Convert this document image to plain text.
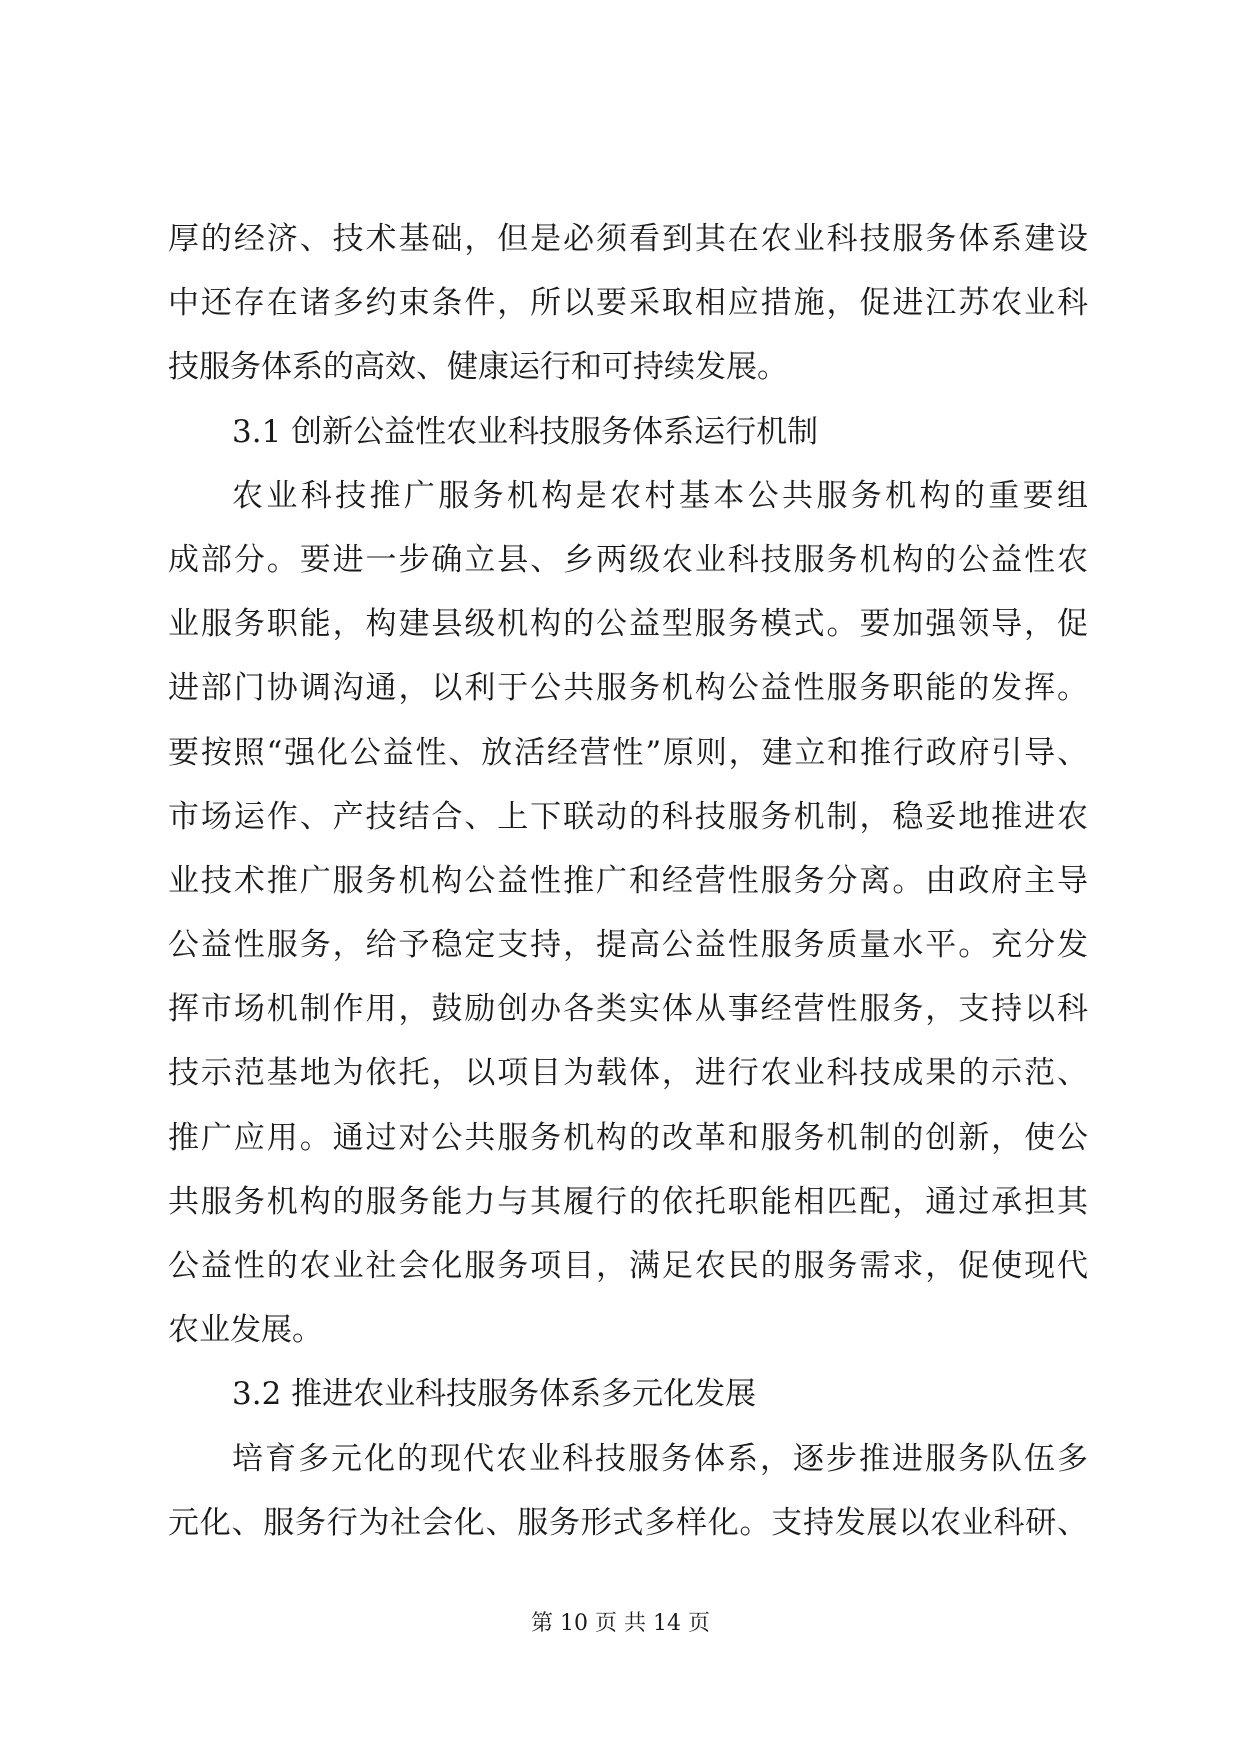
厚的经济、技术基础，但是必须看到其在农业科技服务体系建设
中还存在诸多约束条件，所以要采取相应措施，促进江苏农业科
技服务体系的高效、健康运行和可持续发展。
3.1 创新公益性农业科技服务体系运行机制
农业科技推广服务机构是农村基本公共服务机构的重要组
成部分。要进一步确立县、乡两级农业科技服务机构的公益性农
业服务职能，构建县级机构的公益型服务模式。要加强领导，促
进部门协调沟通，以利于公共服务机构公益性服务职能的发挥。
要按照“强化公益性、放活经营性”原则，建立和推行政府引导、
市场运作、产技结合、上下联动的科技服务机制，稳妥地推进农
业技术推广服务机构公益性推广和经营性服务分离。由政府主导
公益性服务，给予稳定支持，提高公益性服务质量水平。充分发
挥市场机制作用，鼓励创办各类实体从事经营性服务，支持以科
技示范基地为依托，以项目为载体，进行农业科技成果的示范、
推广应用。通过对公共服务机构的改革和服务机制的创新，使公
共服务机构的服务能力与其履行的依托职能相匹配，通过承担其
公益性的农业社会化服务项目，满足农民的服务需求，促使现代
农业发展。
3.2 推进农业科技服务体系多元化发展
培育多元化的现代农业科技服务体系，逐步推进服务队伍多
元化、服务行为社会化、服务形式多样化。支持发展以农业科研、
第 10 页 共 14 页
